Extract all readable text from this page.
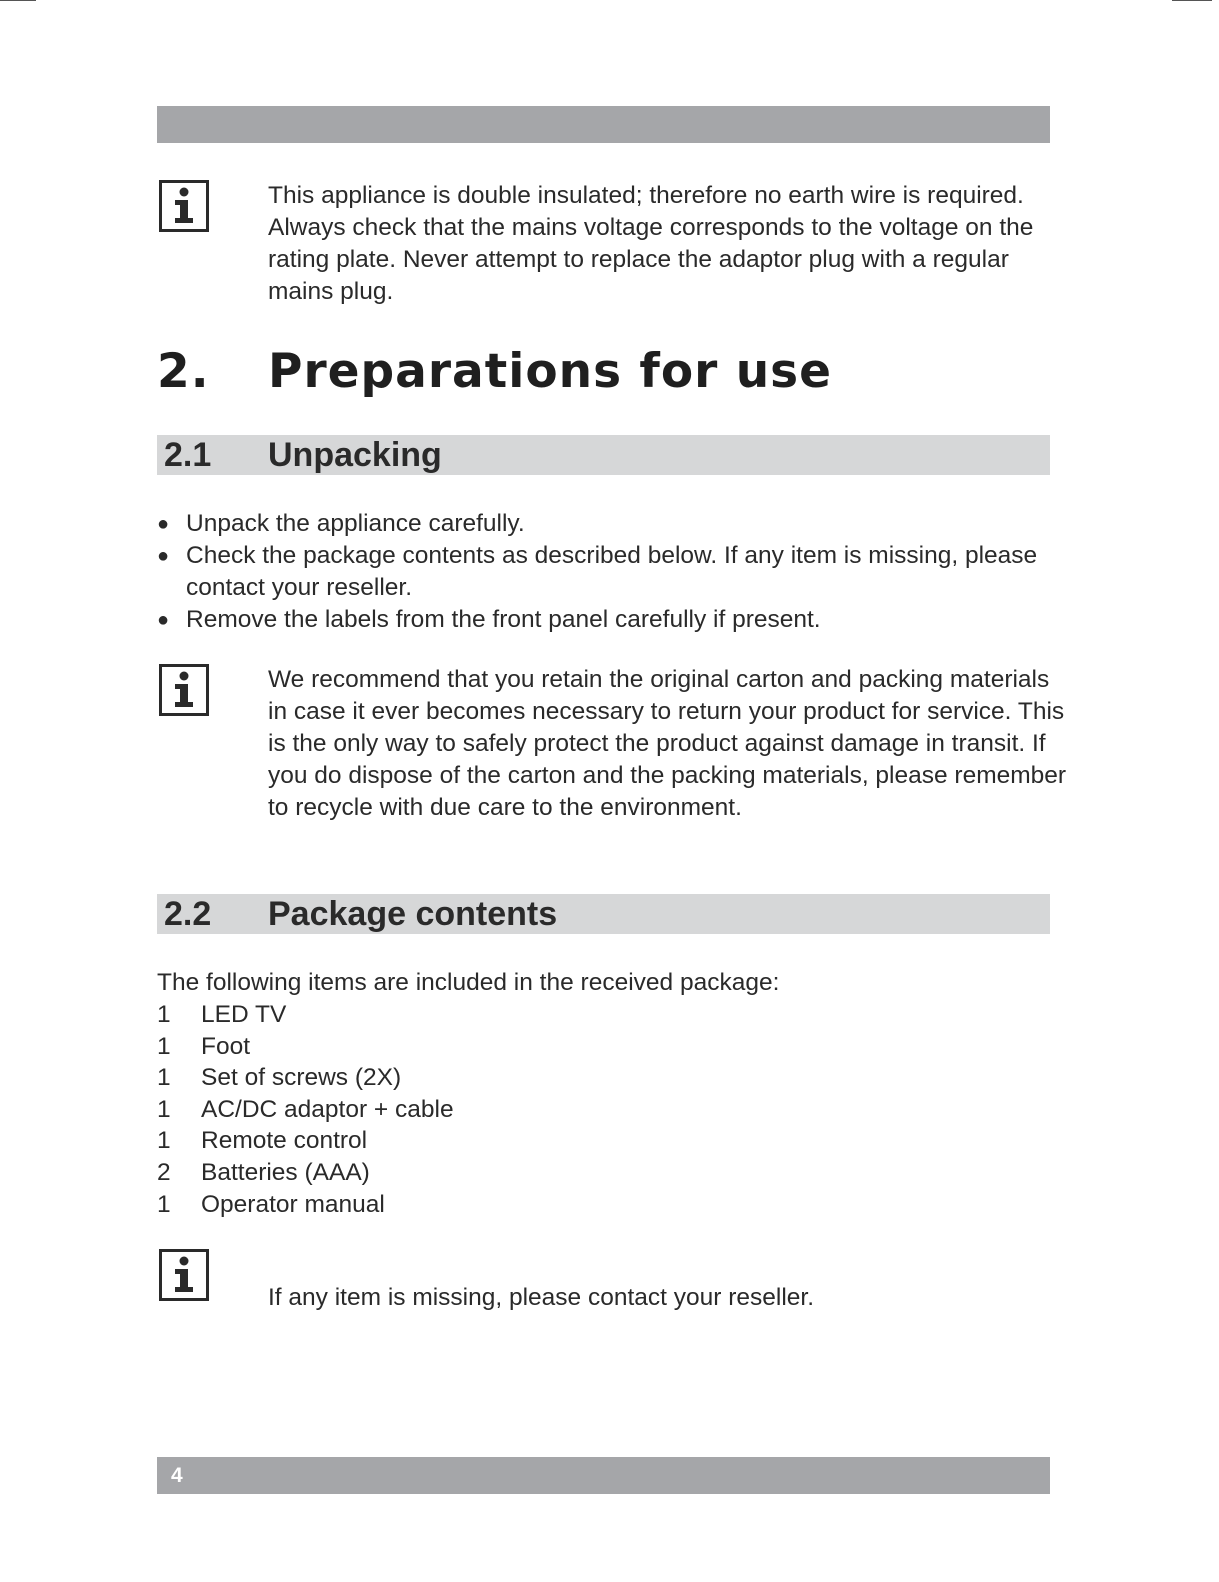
This appliance is double insulated; therefore no earth wire is required. Always check that the mains voltage corresponds to the voltage on the rating plate. Never attempt to replace the adaptor plug with a regular mains plug.
2. Preparations for use
2.1 Unpacking
● Unpack the appliance carefully.
● Check the package contents as described below. If any item is missing, please contact your reseller.
● Remove the labels from the front panel carefully if present.
We recommend that you retain the original carton and packing materials in case it ever becomes necessary to return your product for service. This is the only way to safely protect the product against damage in transit. If you do dispose of the carton and the packing materials, please remember to recycle with due care to the environment.
2.2 Package contents
The following items are included in the received package:
1 LED TV
1 Foot
1 Set of screws (2X)
1 AC/DC adaptor + cable
1 Remote control
2 Batteries (AAA)
1 Operator manual
If any item is missing, please contact your reseller.
4
